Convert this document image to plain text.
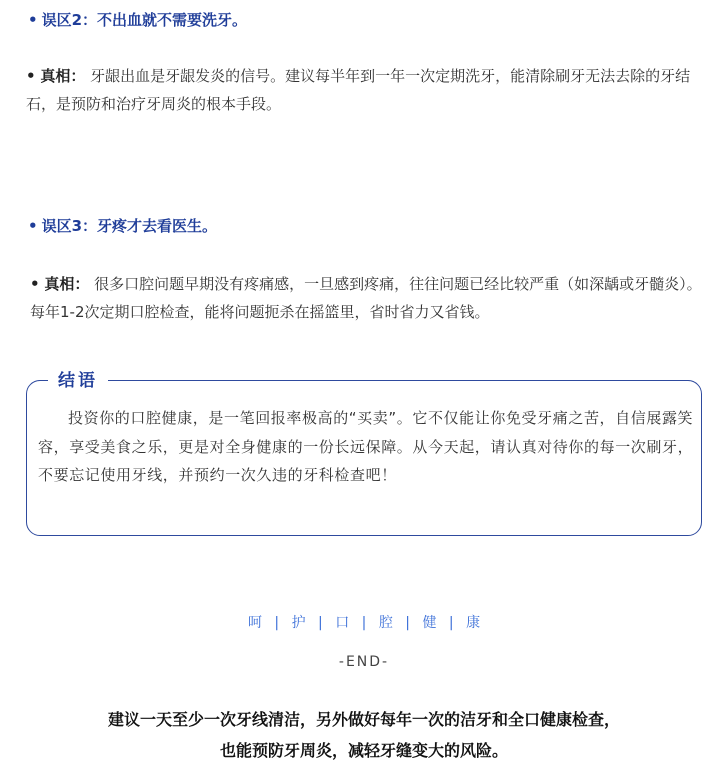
• 误区2：不出血就不需要洗牙。
• 真相： 牙龈出血是牙龈发炎的信号。建议每半年到一年一次定期洗牙，能清除刷牙无法去除的牙结石，是预防和治疗牙周炎的根本手段。
• 误区3：牙疼才去看医生。
• 真相： 很多口腔问题早期没有疼痛感，一旦感到疼痛，往往问题已经比较严重（如深龋或牙髓炎）。每年1-2次定期口腔检查，能将问题扼杀在摇篮里，省时省力又省钱。
结语
投资你的口腔健康，是一笔回报率极高的“买卖”。它不仅能让你免受牙痛之苦，自信展露笑容，享受美食之乐，更是对全身健康的一份长远保障。从今天起，请认真对待你的每一次刷牙，不要忘记使用牙线，并预约一次久违的牙科检查吧！
呵 | 护 | 口 | 腔 | 健 | 康
-END-
建议一天至少一次牙线清洁，另外做好每年一次的洁牙和全口健康检查，
也能预防牙周炎，减轻牙缝变大的风险。
